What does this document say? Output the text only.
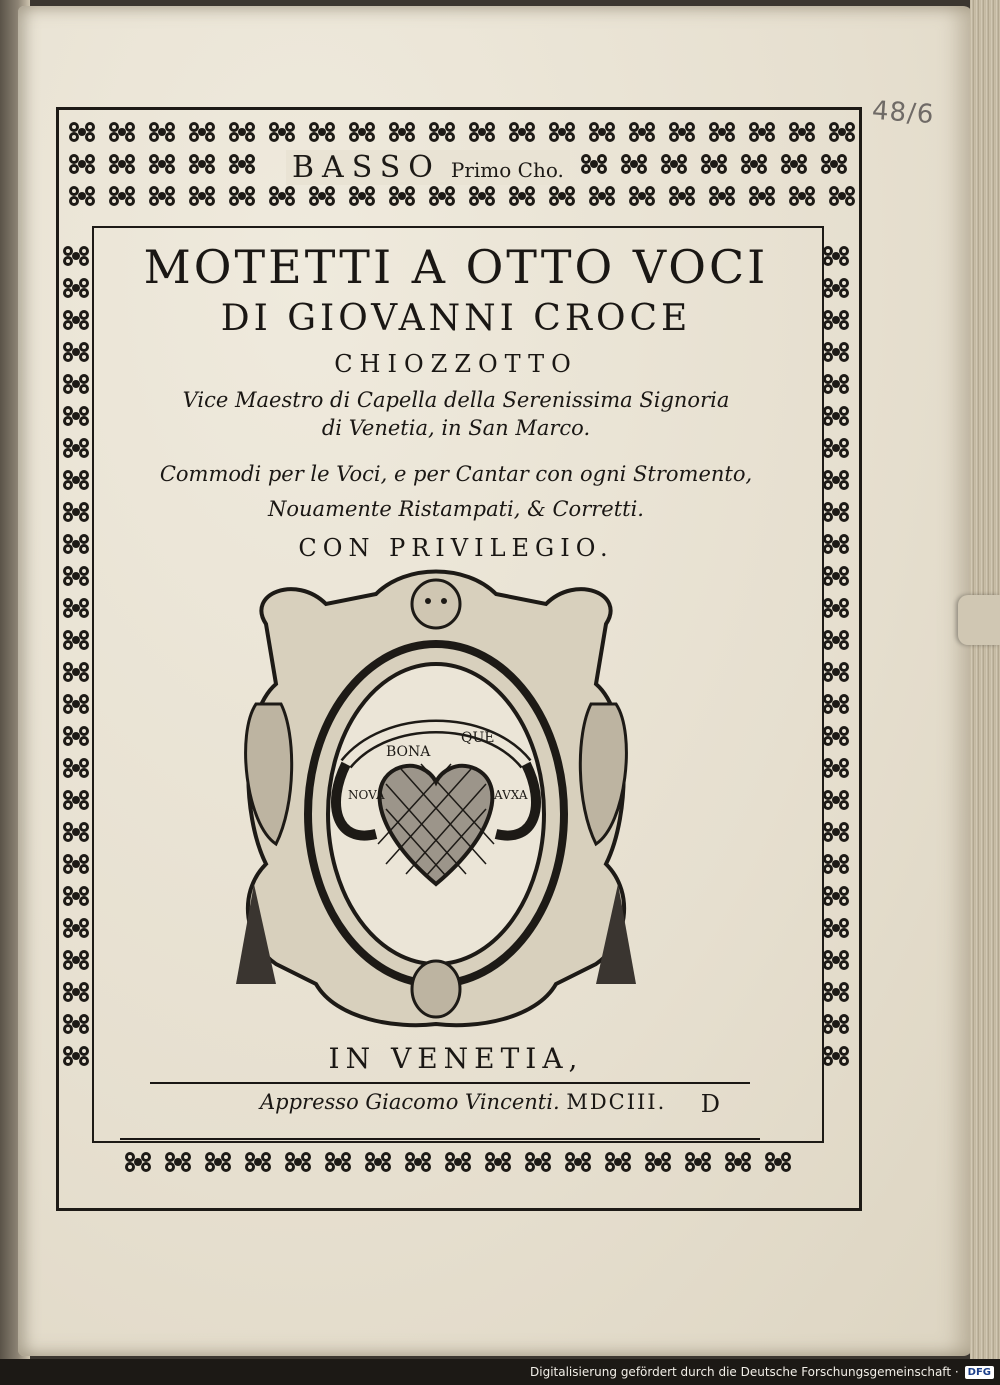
48/6
BASSO Primo Cho.
MOTETTI A OTTO VOCI
DI GIOVANNI CROCE
CHIOZZOTTO
Vice Maestro di Capella della Serenissima Signoria
di Venetia, in San Marco.
Commodi per le Voci, e per Cantar con ogni Stromento,
Nouamente Ristampati, & Corretti.
CON PRIVILEGIO.
BONA
QUE
NOVA	AVXA
IN VENETIA,
Appresso Giacomo Vincenti. MDCIII. D
Digitalisierung gefördert durch die Deutsche Forschungsgemeinschaft · DFG
